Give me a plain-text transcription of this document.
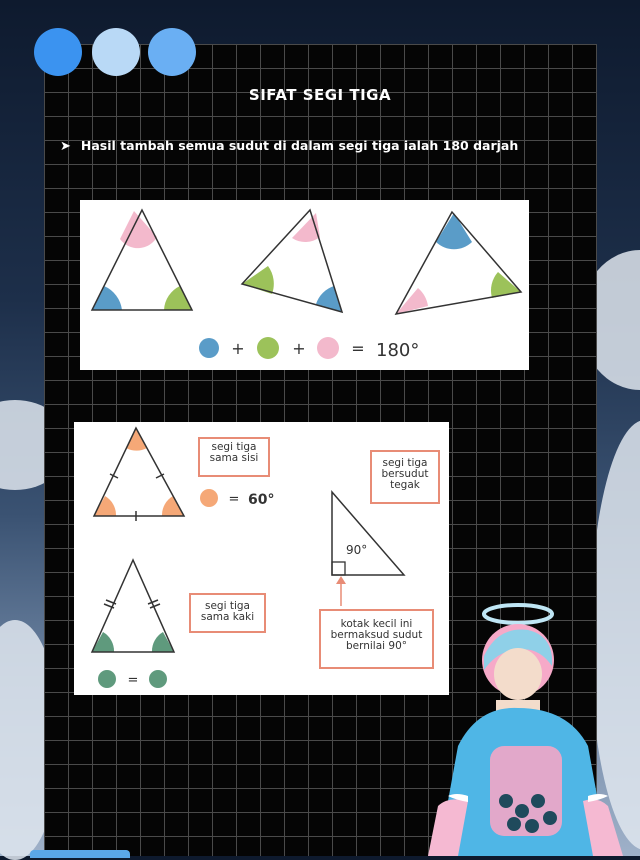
SIFAT SEGI TIGA
➤ Hasil tambah semua sudut di dalam segi tiga ialah 180 darjah
+	+	= 180°
= 60°
=
90°
segi tiga sama sisi	segi tiga bersudut tegak
segi tiga sama kaki
kotak kecil ini bermaksud sudut bernilai 90°
